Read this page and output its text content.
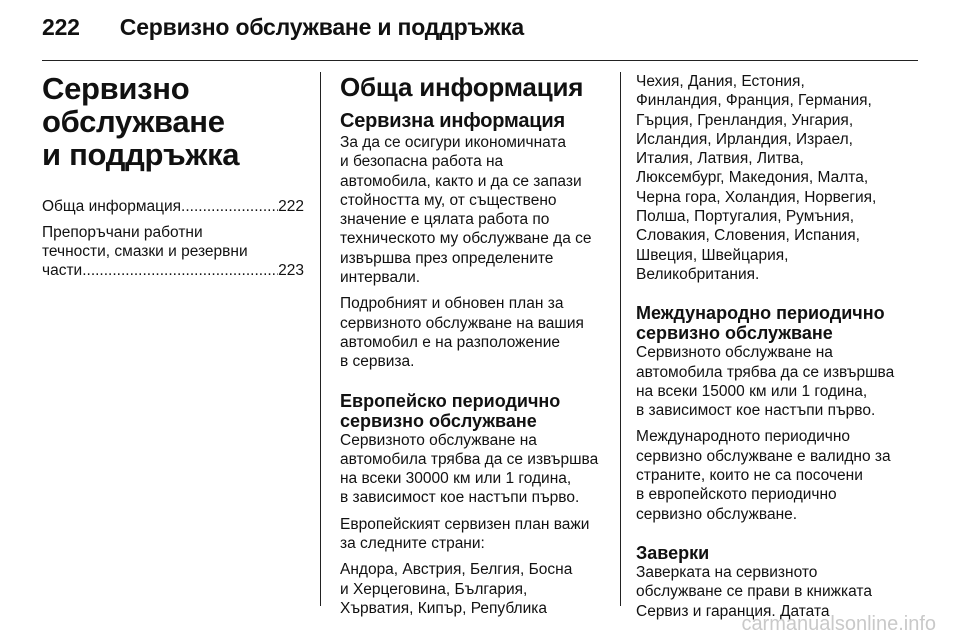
222 Сервизно обслужване и поддръжка
Сервизно
обслужване
и поддръжка
Обща информация .....	222
Препоръчани работни
течности, смазки и резервни
части .....	223
Обща информация
Сервизна информация
За да се осигури икономичната
и безопасна работа на
автомобила, както и да се запази
стойността му, от съществено
значение е цялата работа по
техническото му обслужване да се
извършва през определените
интервали.
Подробният и обновен план за
сервизното обслужване на вашия
автомобил е на разположение
в сервиза.
Европейско периодично
сервизно обслужване
Сервизното обслужване на
автомобила трябва да се извършва
на всеки 30000 км или 1 година,
в зависимост кое настъпи първо.
Европейският сервизен план важи
за следните страни:
Андора, Австрия, Белгия, Босна
и Херцеговина, България,
Хърватия, Кипър, Република
Чехия, Дания, Естония,
Финландия, Франция, Германия,
Гърция, Гренландия, Унгария,
Исландия, Ирландия, Израел,
Италия, Латвия, Литва,
Люксембург, Македония, Малта,
Черна гора, Холандия, Норвегия,
Полша, Португалия, Румъния,
Словакия, Словения, Испания,
Швеция, Швейцария,
Великобритания.
Международно периодично
сервизно обслужване
Сервизното обслужване на
автомобила трябва да се извършва
на всеки 15000 км или 1 година,
в зависимост кое настъпи първо.
Международното периодично
сервизно обслужване е валидно за
страните, които не са посочени
в европейското периодично
сервизно обслужване.
Заверки
Заверката на сервизното
обслужване се прави в книжката
Сервиз и гаранция. Датата
carmanualsonline.info
